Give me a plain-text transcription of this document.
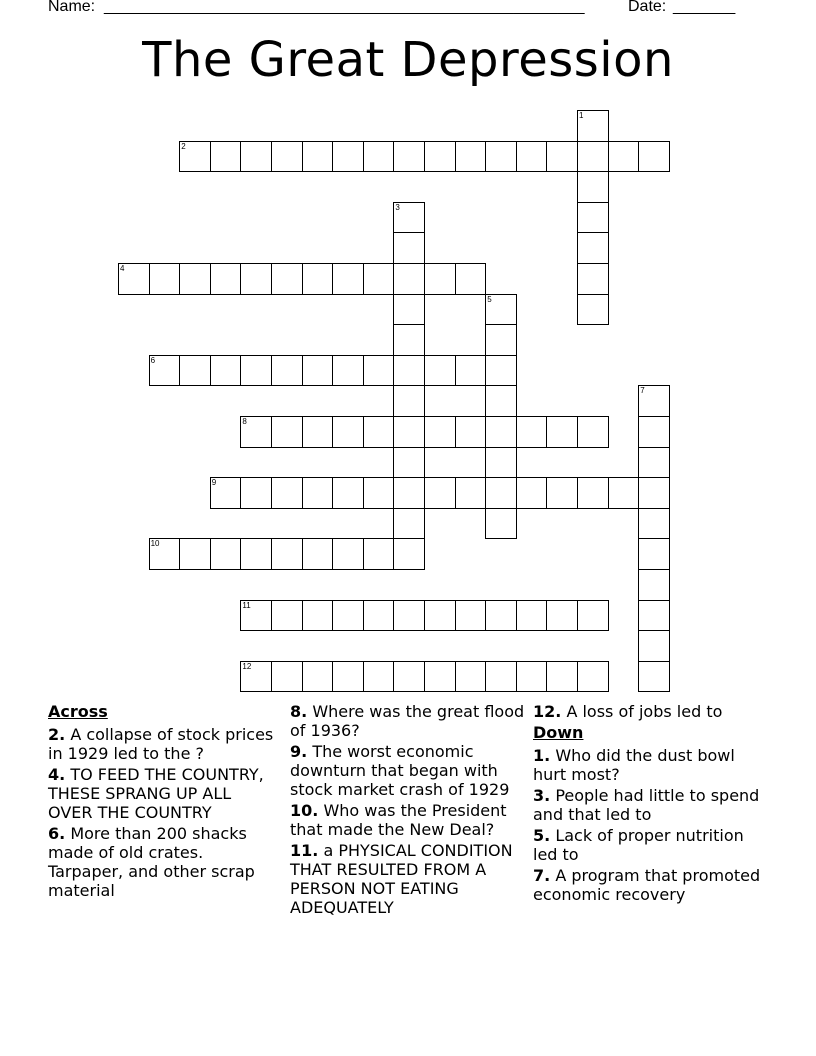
Name: ______________________________________________________	Date: _______
The Great Depression
1
2
3
4
5
6
7
8
9
10
11
12
Across
2. A collapse of stock prices in 1929 led to the ?
4. TO FEED THE COUNTRY, THESE SPRANG UP ALL OVER THE COUNTRY
6. More than 200 shacks made of old crates. Tarpaper, and other scrap material
8. Where was the great flood of 1936?
9. The worst economic downturn that began with stock market crash of 1929
10. Who was the President that made the New Deal?
11. a PHYSICAL CONDITION THAT RESULTED FROM A PERSON NOT EATING ADEQUATELY
12. A loss of jobs led to
Down
1. Who did the dust bowl hurt most?
3. People had little to spend and that led to
5. Lack of proper nutrition led to
7. A program that promoted economic recovery
